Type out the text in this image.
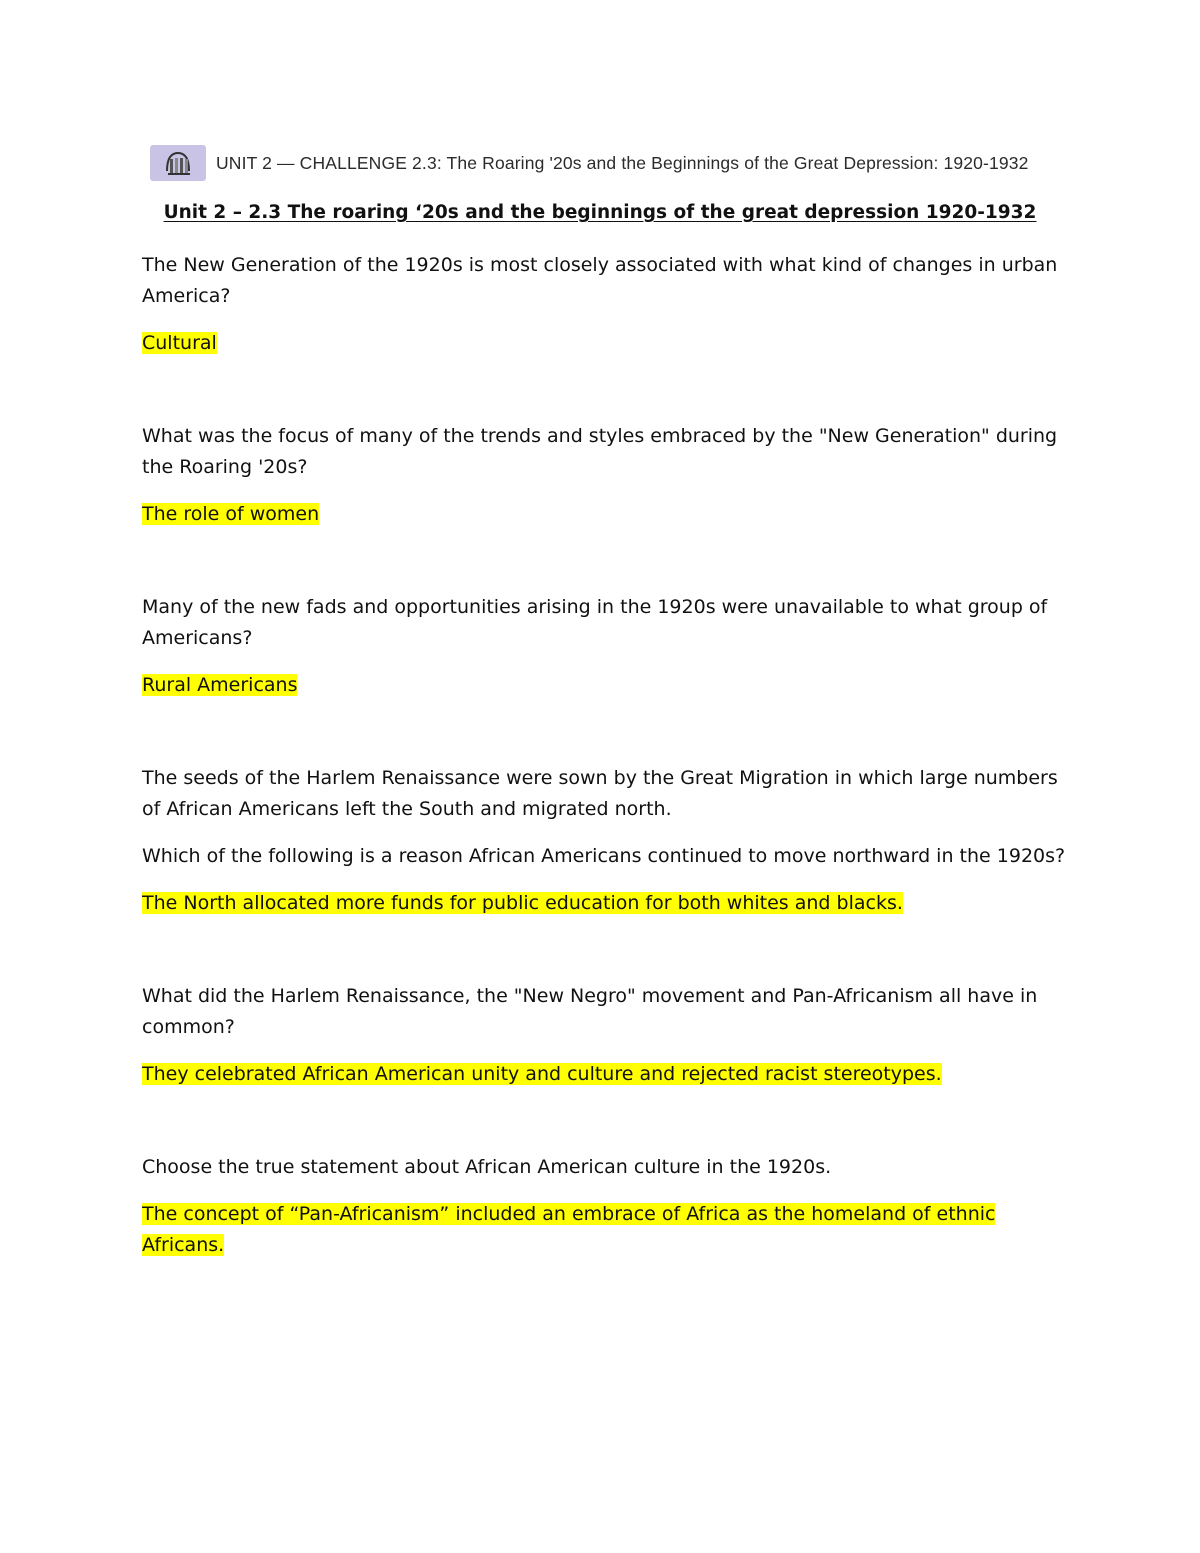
UNIT 2 — CHALLENGE 2.3: The Roaring '20s and the Beginnings of the Great Depression: 1920-1932
Unit 2 – 2.3 The roaring ‘20s and the beginnings of the great depression 1920-1932

The New Generation of the 1920s is most closely associated with what kind of changes in urban America?

Cultural

What was the focus of many of the trends and styles embraced by the "New Generation" during the Roaring '20s?

The role of women

Many of the new fads and opportunities arising in the 1920s were unavailable to what group of Americans?

Rural Americans

The seeds of the Harlem Renaissance were sown by the Great Migration in which large numbers of African Americans left the South and migrated north.

Which of the following is a reason African Americans continued to move northward in the 1920s?

The North allocated more funds for public education for both whites and blacks.

What did the Harlem Renaissance, the "New Negro" movement and Pan-Africanism all have in common?

They celebrated African American unity and culture and rejected racist stereotypes.

Choose the true statement about African American culture in the 1920s.

The concept of “Pan-Africanism” included an embrace of Africa as the homeland of ethnic Africans.
